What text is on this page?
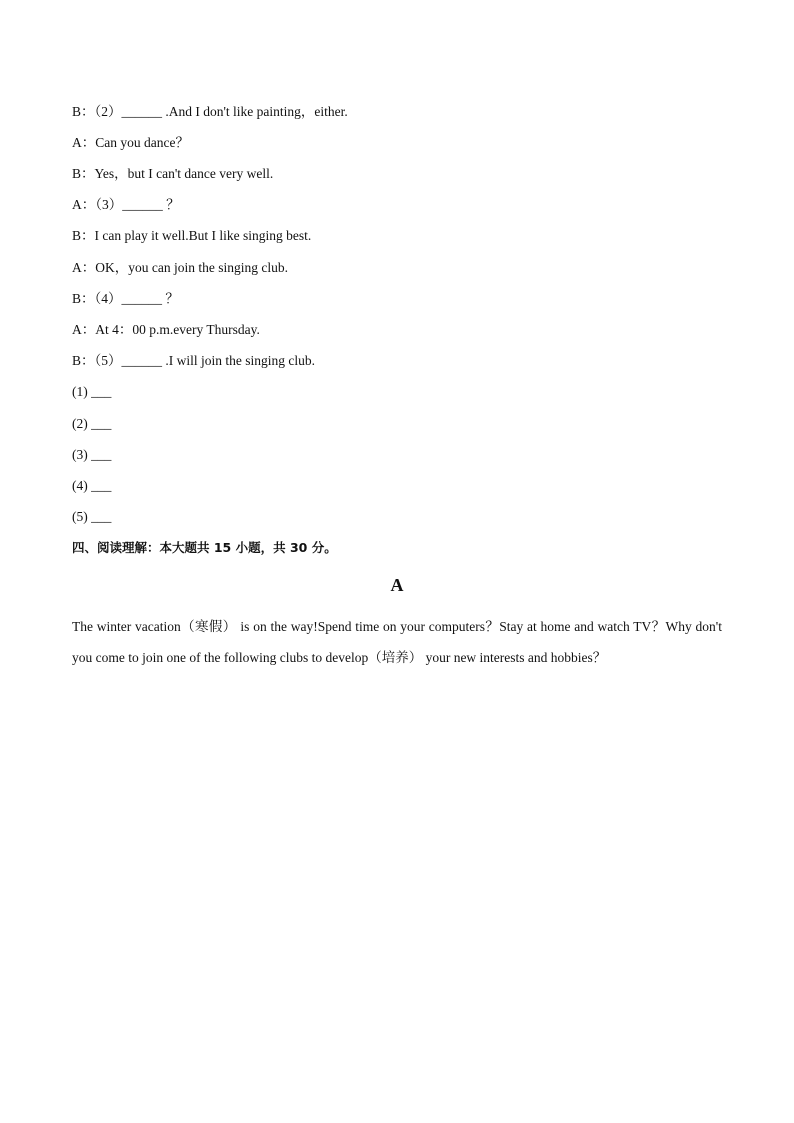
B：（2）______ .And I don't like painting，either.
A：Can you dance？
B：Yes，but I can't dance very well.
A：（3）______ ？
B：I can play it well.But I like singing best.
A：OK，you can join the singing club.
B：（4）______ ？
A：At 4：00 p.m.every Thursday.
B：（5）______ .I will join the singing club.
(1) ___
(2) ___
(3) ___
(4) ___
(5) ___
四、阅读理解：本大题共 15 小题，共 30 分。
A
The winter vacation（寒假） is on the way!Spend time on your computers？Stay at home and watch TV？Why don't you come to join one of the following clubs to develop（培养） your new interests and hobbies？
